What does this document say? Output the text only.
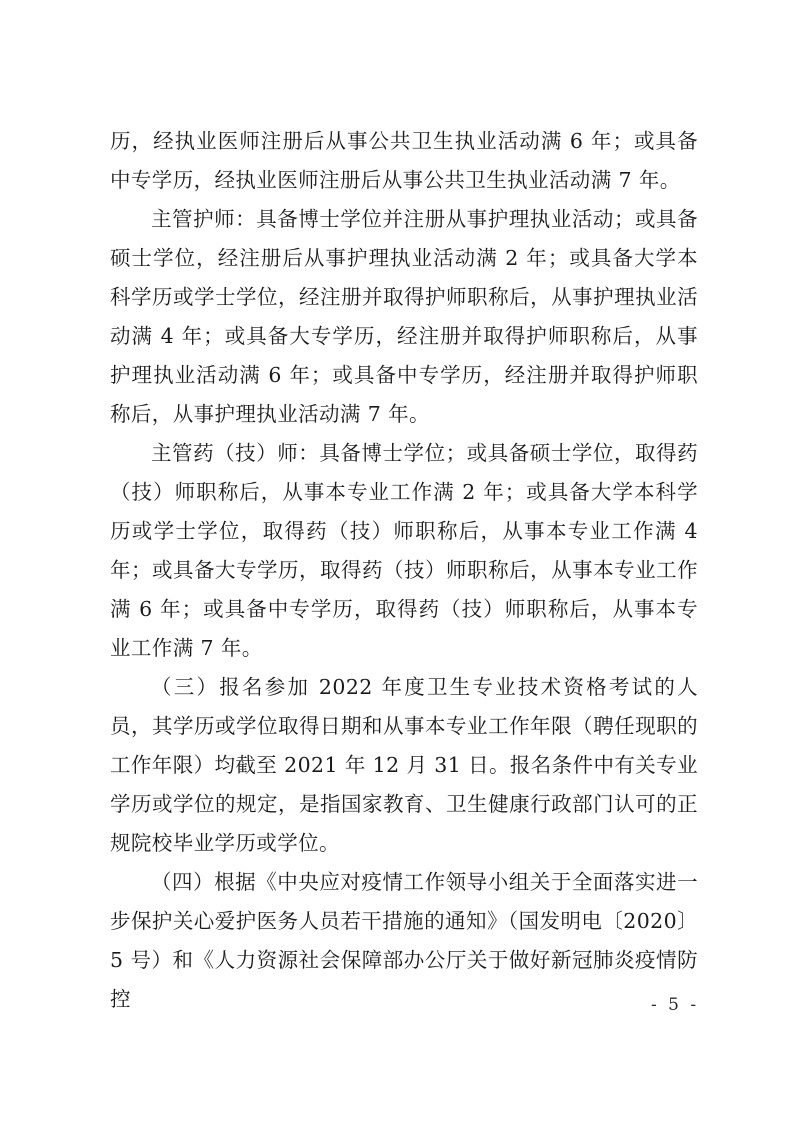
历，经执业医师注册后从事公共卫生执业活动满 6 年；或具备中专学历，经执业医师注册后从事公共卫生执业活动满 7 年。

主管护师：具备博士学位并注册从事护理执业活动；或具备硕士学位，经注册后从事护理执业活动满 2 年；或具备大学本科学历或学士学位，经注册并取得护师职称后，从事护理执业活动满 4 年；或具备大专学历，经注册并取得护师职称后，从事护理执业活动满 6 年；或具备中专学历，经注册并取得护师职称后，从事护理执业活动满 7 年。

主管药（技）师：具备博士学位；或具备硕士学位，取得药（技）师职称后，从事本专业工作满 2 年；或具备大学本科学历或学士学位，取得药（技）师职称后，从事本专业工作满 4 年；或具备大专学历，取得药（技）师职称后，从事本专业工作满 6 年；或具备中专学历，取得药（技）师职称后，从事本专业工作满 7 年。

（三）报名参加 2022 年度卫生专业技术资格考试的人员，其学历或学位取得日期和从事本专业工作年限（聘任现职的工作年限）均截至 2021 年 12 月 31 日。报名条件中有关专业学历或学位的规定，是指国家教育、卫生健康行政部门认可的正规院校毕业学历或学位。

（四）根据《中央应对疫情工作领导小组关于全面落实进一步保护关心爱护医务人员若干措施的通知》（国发明电〔2020〕5 号）和《人力资源社会保障部办公厅关于做好新冠肺炎疫情防控	- 5 -
